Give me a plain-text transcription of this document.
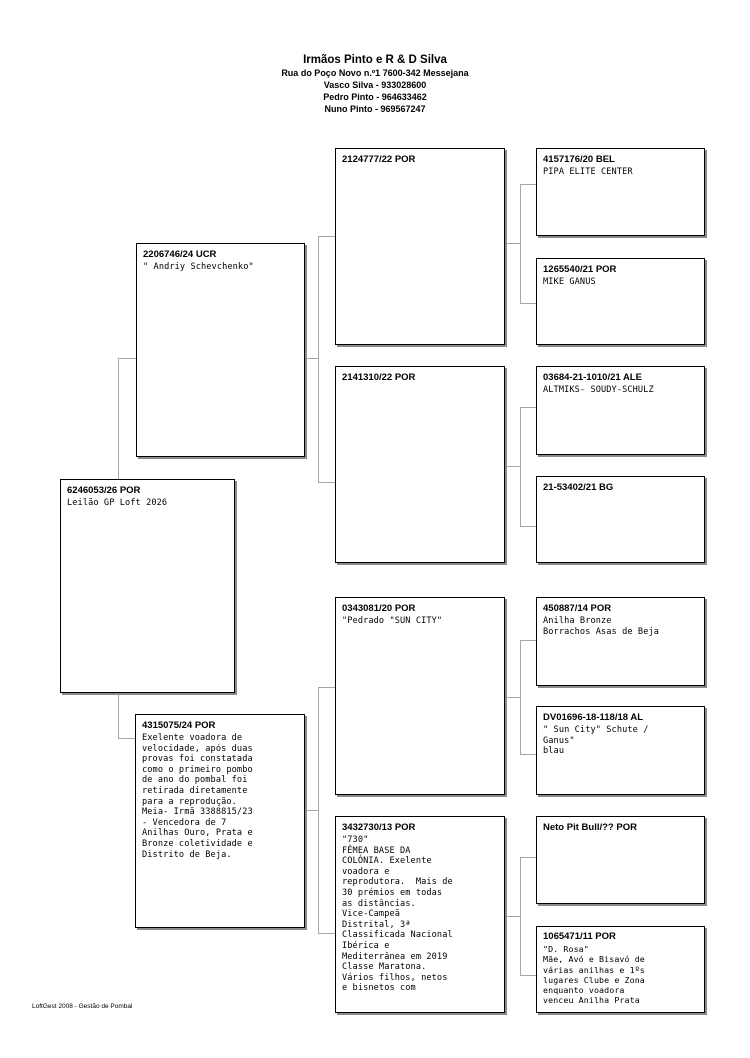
Irmãos Pinto e R & D Silva
Rua do Poço Novo n.º1 7600-342 Messejana
Vasco Silva - 933028600
Pedro Pinto - 964633462
Nuno Pinto - 969567247
6246053/26 POR
Leilão GP Loft 2026
2206746/24 UCR
" Andriy Schevchenko"
4315075/24 POR
Exelente voadora de
velocidade, após duas
provas foi constatada
como o primeiro pombo
de ano do pombal foi
retirada diretamente
para a reprodução.
Meia- Irmã 3388815/23
- Vencedora de 7
Anilhas Ouro, Prata e
Bronze coletividade e
Distrito de Beja.
2124777/22 POR
2141310/22 POR
0343081/20 POR
"Pedrado "SUN CITY"
3432730/13 POR
"730"
FÊMEA BASE DA
COLÓNIA. Exelente
voadora e
reprodutora.  Mais de
30 prémios em todas
as distâncias.
Vice-Campeã
Distrital, 3ª
Classificada Nacional
Ibérica e
Mediterrânea em 2019
Classe Maratona.
Vários filhos, netos
e bisnetos com
4157176/20 BEL
PIPA ELITE CENTER
1265540/21 POR
MIKE GANUS
03684-21-1010/21 ALE
ALTMIKS- SOUDY-SCHULZ
21-53402/21 BG
450887/14 POR
Anilha Bronze
Borrachos Asas de Beja
DV01696-18-118/18 AL
" Sun City" Schute /
Ganus"
blau
Neto Pit Bull/?? POR
1065471/11 POR
"D. Rosa"
Mãe, Avó e Bisavó de
várias anilhas e 1ºs
lugares Clube e Zona
enquanto voadora
venceu Anilha Prata
LoftGest 2008 - Gestão de Pombal
